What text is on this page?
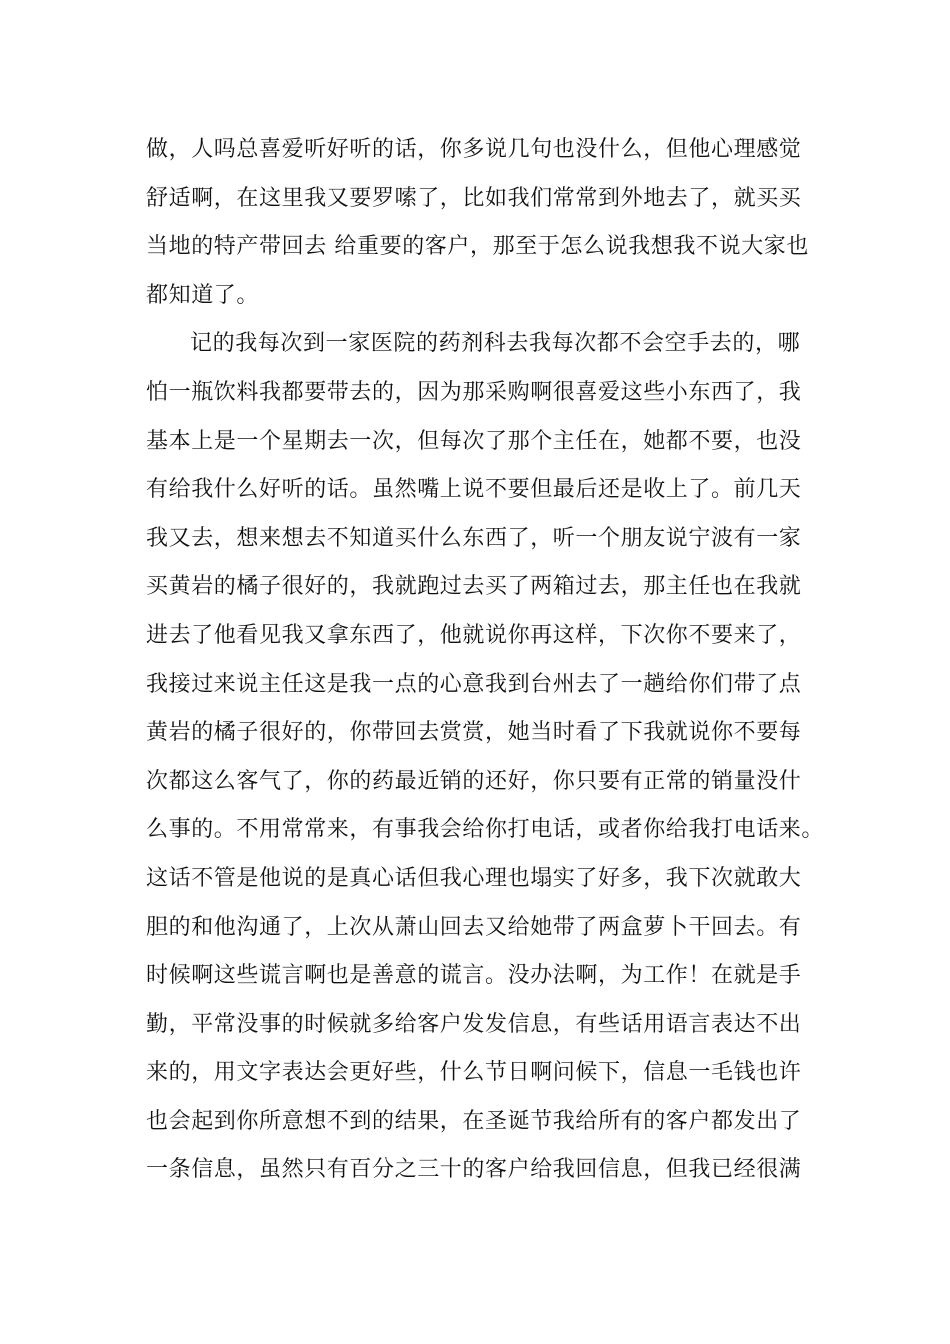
做，人吗总喜爱听好听的话，你多说几句也没什么，但他心理感觉
舒适啊，在这里我又要罗嗦了，比如我们常常到外地去了，就买买
当地的特产带回去 给重要的客户，那至于怎么说我想我不说大家也
都知道了。
记的我每次到一家医院的药剂科去我每次都不会空手去的，哪
怕一瓶饮料我都要带去的，因为那采购啊很喜爱这些小东西了，我
基本上是一个星期去一次，但每次了那个主任在，她都不要，也没
有给我什么好听的话。虽然嘴上说不要但最后还是收上了。前几天
我又去，想来想去不知道买什么东西了，听一个朋友说宁波有一家
买黄岩的橘子很好的，我就跑过去买了两箱过去，那主任也在我就
进去了他看见我又拿东西了，他就说你再这样，下次你不要来了，
我接过来说主任这是我一点的心意我到台州去了一趟给你们带了点
黄岩的橘子很好的，你带回去赏赏，她当时看了下我就说你不要每
次都这么客气了，你的药最近销的还好，你只要有正常的销量没什
么事的。不用常常来，有事我会给你打电话，或者你给我打电话来。
这话不管是他说的是真心话但我心理也塌实了好多，我下次就敢大
胆的和他沟通了，上次从萧山回去又给她带了两盒萝卜干回去。有
时候啊这些谎言啊也是善意的谎言。没办法啊，为工作！在就是手
勤，平常没事的时候就多给客户发发信息，有些话用语言表达不出
来的，用文字表达会更好些，什么节日啊问候下，信息一毛钱也许
也会起到你所意想不到的结果，在圣诞节我给所有的客户都发出了
一条信息，虽然只有百分之三十的客户给我回信息，但我已经很满
